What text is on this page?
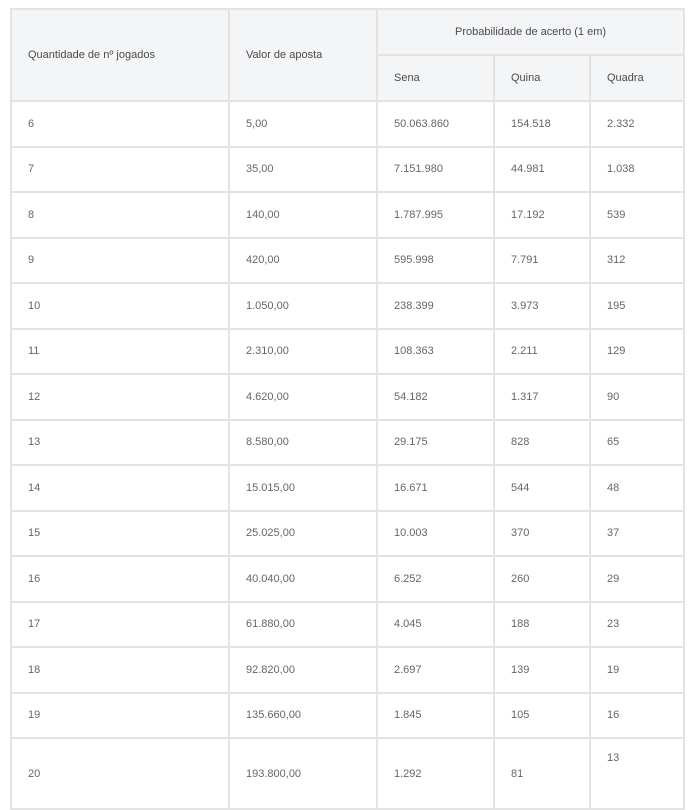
Quantidade de nº jogados	Valor de aposta	Probabilidade de acerto (1 em)		
		Sena	Quina	Quadra
6	5,00	50.063.860	154.518	2.332
7	35,00	7.151.980	44.981	1.038
8	140,00	1.787.995	17.192	539
9	420,00	595.998	7.791	312
10	1.050,00	238.399	3.973	195
11	2.310,00	108.363	2.211	129
12	4.620,00	54.182	1.317	90
13	8.580,00	29.175	828	65
14	15.015,00	16.671	544	48
15	25.025,00	10.003	370	37
16	40.040,00	6.252	260	29
17	61.880,00	4.045	188	23
18	92.820,00	2.697	139	19
19	135.660,00	1.845	105	16
20	193.800,00	1.292	81	13
